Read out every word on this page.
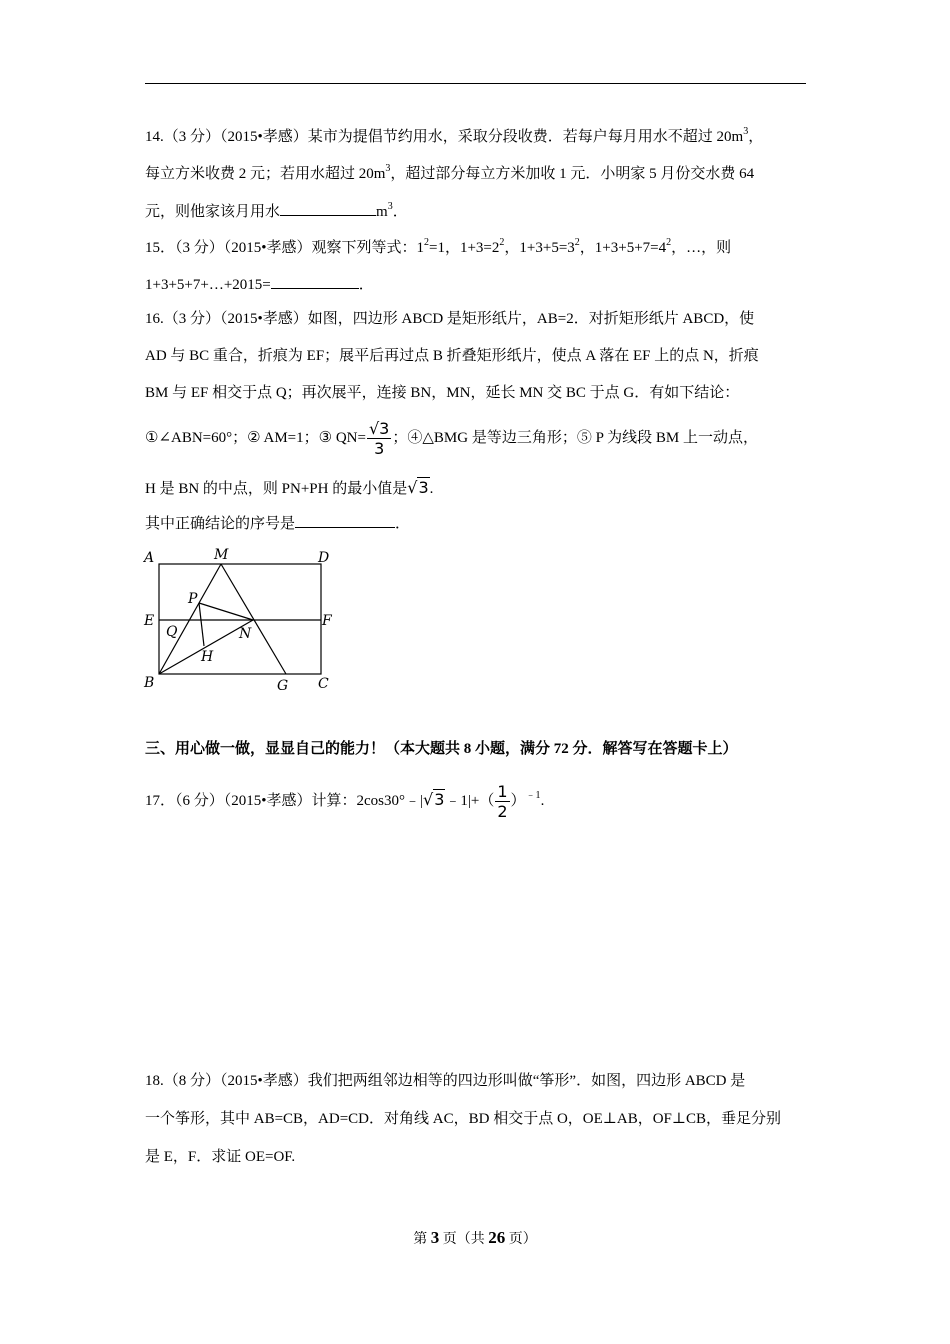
14.（3 分）（2015•孝感）某市为提倡节约用水，采取分段收费．若每户每月用水不超过 $20m^3$，
每立方米收费 2 元；若用水超过 $20m^3$，超过部分每立方米加收 1 元．小明家 5 月份交水费 64
元，则他家该月用水	$m^3$．
15．（3 分）（2015•孝感）观察下列等式：$1^2=1$，$1+3=2^2$，$1+3+5=3^2$，$1+3+5+7=4^2$，…，则
1+3+5+7+…+2015=	．
16.（3 分）（2015•孝感）如图，四边形 ABCD 是矩形纸片，AB=2．对折矩形纸片 ABCD，使
AD 与 BC 重合，折痕为 EF；展平后再过点 B 折叠矩形纸片，使点 A 落在 EF 上的点 N，折痕
BM 与 EF 相交于点 Q；再次展平，连接 BN，MN，延长 MN 交 BC 于点 G．有如下结论：
①∠ABN=60°；② AM=1；③ $QN= \frac{√3}{3}$ ；④△BMG 是等边三角形；⑤ P 为线段 BM 上一动点，
H 是 BN 的中点，则 PN+PH 的最小值是√3.
其中正确结论的序号是	．
A	M	D
P
E	F
Q	N
H
B	G C
三、用心做一做，显显自己的能力！（本大题共 8 小题，满分 72 分．解答写在答题卡上）
17．（6 分）（2015•孝感）计算：2cos30°﹣|√3﹣1|+（ $\frac{1}{2} )^{﹣1}$.
18.（8 分）（2015•孝感）我们把两组邻边相等的四边形叫做“筝形”．如图，四边形 ABCD 是
一个筝形，其中 AB=CB，AD=CD．对角线 AC，BD 相交于点 O，OE⊥AB，OF⊥CB，垂足分别
是 E，F．求证 OE=OF.
第 3 页（共 26 页）
